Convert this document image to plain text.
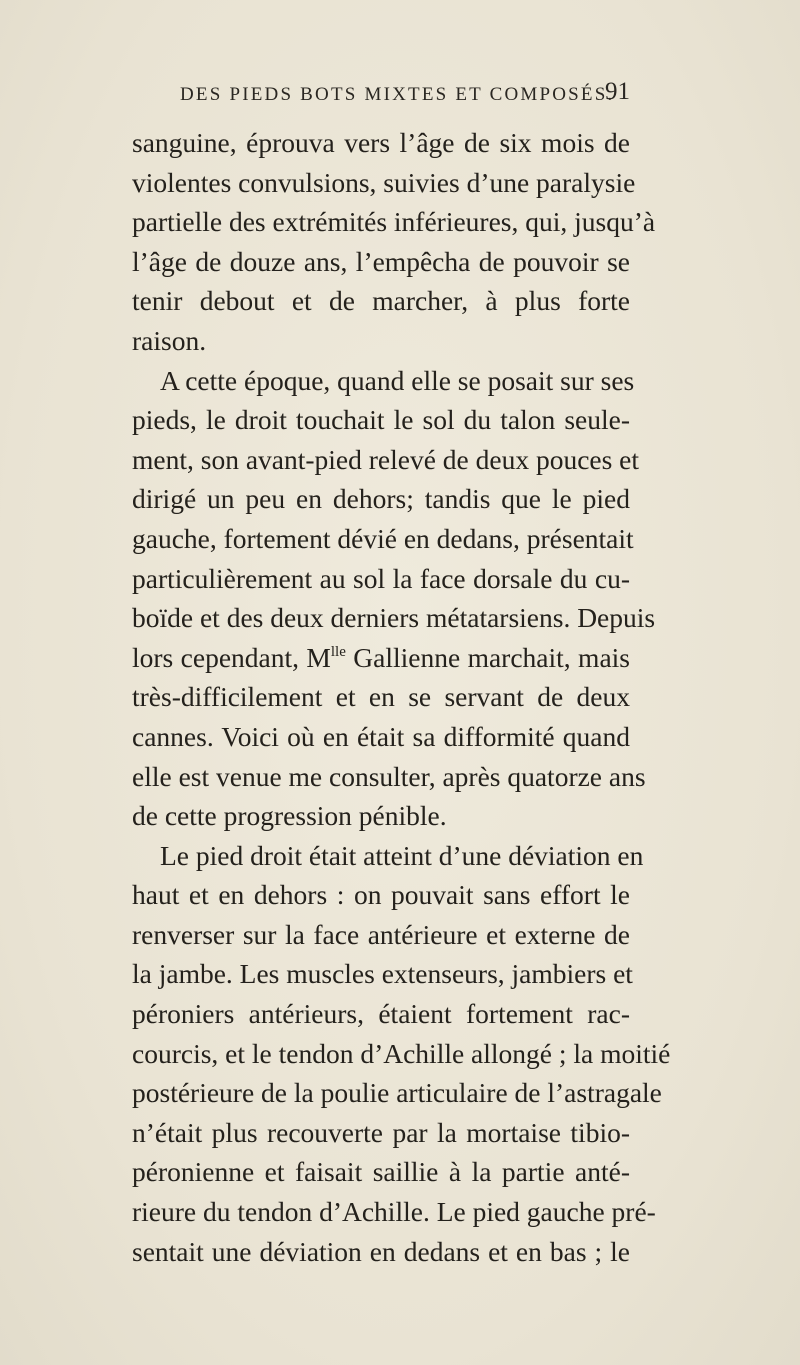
DES PIEDS BOTS MIXTES ET COMPOSÉS.
91
sanguine, éprouva vers l’âge de six mois de
violentes convulsions, suivies d’une paralysie
partielle des extrémités inférieures, qui, jusqu’à
l’âge de douze ans, l’empêcha de pouvoir se
tenir debout et de marcher, à plus forte
raison.
A cette époque, quand elle se posait sur ses
pieds, le droit touchait le sol du talon seule-
ment, son avant-pied relevé de deux pouces et
dirigé un peu en dehors; tandis que le pied
gauche, fortement dévié en dedans, présentait
particulièrement au sol la face dorsale du cu-
boïde et des deux derniers métatarsiens. Depuis
lors cependant, $M^{lle}$ Gallienne marchait, mais
très-difficilement et en se servant de deux
cannes. Voici où en était sa difformité quand
elle est venue me consulter, après quatorze ans
de cette progression pénible.
Le pied droit était atteint d’une déviation en
haut et en dehors : on pouvait sans effort le
renverser sur la face antérieure et externe de
la jambe. Les muscles extenseurs, jambiers et
péroniers antérieurs, étaient fortement rac-
courcis, et le tendon d’Achille allongé ; la moitié
postérieure de la poulie articulaire de l’astragale
n’était plus recouverte par la mortaise tibio-
péronienne et faisait saillie à la partie anté-
rieure du tendon d’Achille. Le pied gauche pré-
sentait une déviation en dedans et en bas ; le
